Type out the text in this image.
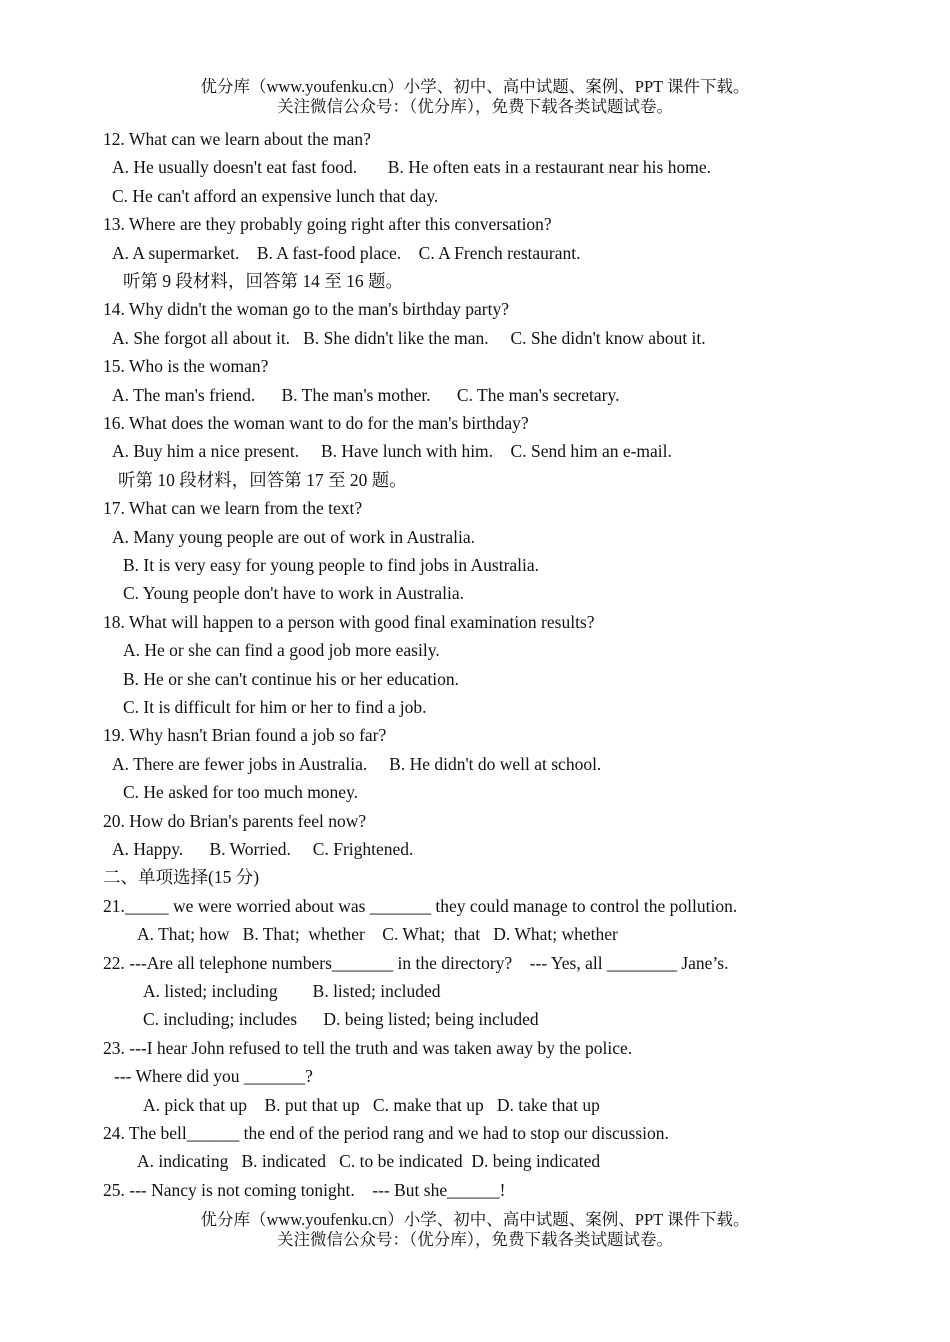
优分库（www.youfenku.cn）小学、初中、高中试题、案例、PPT 课件下载。
关注微信公众号：（优分库），免费下载各类试题试卷。
12. What can we learn about the man?
A. He usually doesn't eat fast food.       B. He often eats in a restaurant near his home.
C. He can't afford an expensive lunch that day.
13. Where are they probably going right after this conversation?
A. A supermarket.    B. A fast-food place.    C. A French restaurant.
听第 9 段材料，回答第 14 至 16 题。
14. Why didn't the woman go to the man's birthday party?
A. She forgot all about it.   B. She didn't like the man.     C. She didn't know about it.
15. Who is the woman?
A. The man's friend.      B. The man's mother.      C. The man's secretary.
16. What does the woman want to do for the man's birthday?
A. Buy him a nice present.     B. Have lunch with him.    C. Send him an e-mail.
听第 10 段材料，回答第 17 至 20 题。
17. What can we learn from the text?
A. Many young people are out of work in Australia.
B. It is very easy for young people to find jobs in Australia.
C. Young people don't have to work in Australia.
18. What will happen to a person with good final examination results?
A. He or she can find a good job more easily.
B. He or she can't continue his or her education.
C. It is difficult for him or her to find a job.
19. Why hasn't Brian found a job so far?
A. There are fewer jobs in Australia.     B. He didn't do well at school.
C. He asked for too much money.
20. How do Brian's parents feel now?
A. Happy.      B. Worried.     C. Frightened.
二、单项选择(15 分)
21._____ we were worried about was _______ they could manage to control the pollution.
A. That; how   B. That;  whether    C. What;  that   D. What; whether
22. ---Are all telephone numbers_______ in the directory?    --- Yes, all ________ Jane’s.
A. listed; including        B. listed; included
C. including; includes      D. being listed; being included
23. ---I hear John refused to tell the truth and was taken away by the police.
--- Where did you _______?
A. pick that up    B. put that up   C. make that up   D. take that up
24. The bell______ the end of the period rang and we had to stop our discussion.
A. indicating   B. indicated   C. to be indicated  D. being indicated
25. --- Nancy is not coming tonight.    --- But she______!
优分库（www.youfenku.cn）小学、初中、高中试题、案例、PPT 课件下载。
关注微信公众号：（优分库），免费下载各类试题试卷。
